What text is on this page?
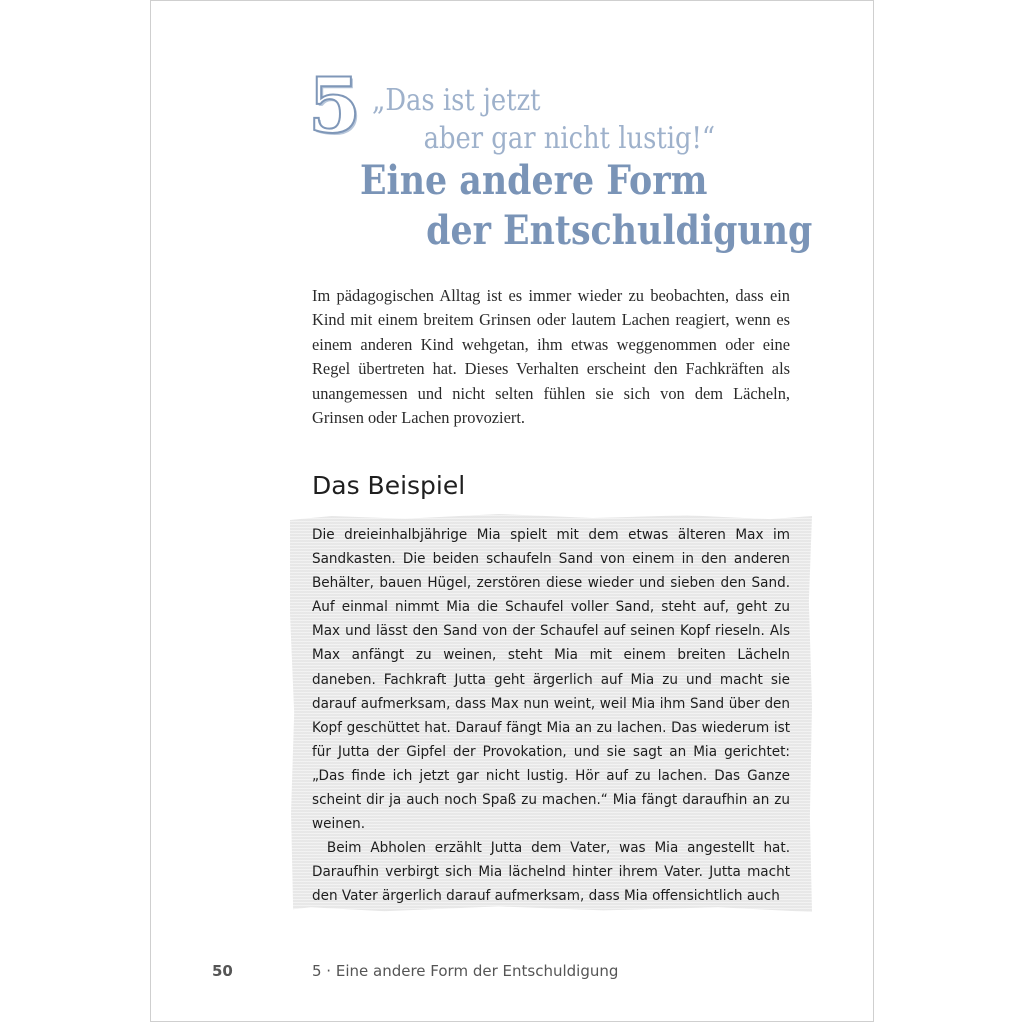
5 „Das ist jetzt
aber gar nicht lustig!“
Eine andere Form
der Entschuldigung

Im pädagogischen Alltag ist es immer wieder zu beobachten, dass ein Kind mit einem breitem Grinsen oder lautem Lachen reagiert, wenn es einem anderen Kind wehgetan, ihm etwas weggenommen oder eine Regel übertreten hat. Dieses Verhalten erscheint den Fachkräften als unangemessen und nicht selten fühlen sie sich von dem Lächeln, Grinsen oder Lachen provoziert.

Das Beispiel

Die dreieinhalbjährige Mia spielt mit dem etwas älteren Max im Sandkasten. Die beiden schaufeln Sand von einem in den anderen Behälter, bauen Hügel, zerstören diese wieder und sieben den Sand. Auf einmal nimmt Mia die Schaufel voller Sand, steht auf, geht zu Max und lässt den Sand von der Schaufel auf seinen Kopf rieseln. Als Max anfängt zu weinen, steht Mia mit einem breiten Lächeln daneben. Fachkraft Jutta geht ärgerlich auf Mia zu und macht sie darauf aufmerksam, dass Max nun weint, weil Mia ihm Sand über den Kopf geschüttet hat. Darauf fängt Mia an zu lachen. Das wiederum ist für Jutta der Gipfel der Provokation, und sie sagt an Mia gerichtet: „Das finde ich jetzt gar nicht lustig. Hör auf zu lachen. Das Ganze scheint dir ja auch noch Spaß zu machen.“ Mia fängt daraufhin an zu weinen.

Beim Abholen erzählt Jutta dem Vater, was Mia angestellt hat. Daraufhin verbirgt sich Mia lächelnd hinter ihrem Vater. Jutta macht den Vater ärgerlich darauf aufmerksam, dass Mia offensichtlich auch

50	5 · Eine andere Form der Entschuldigung
